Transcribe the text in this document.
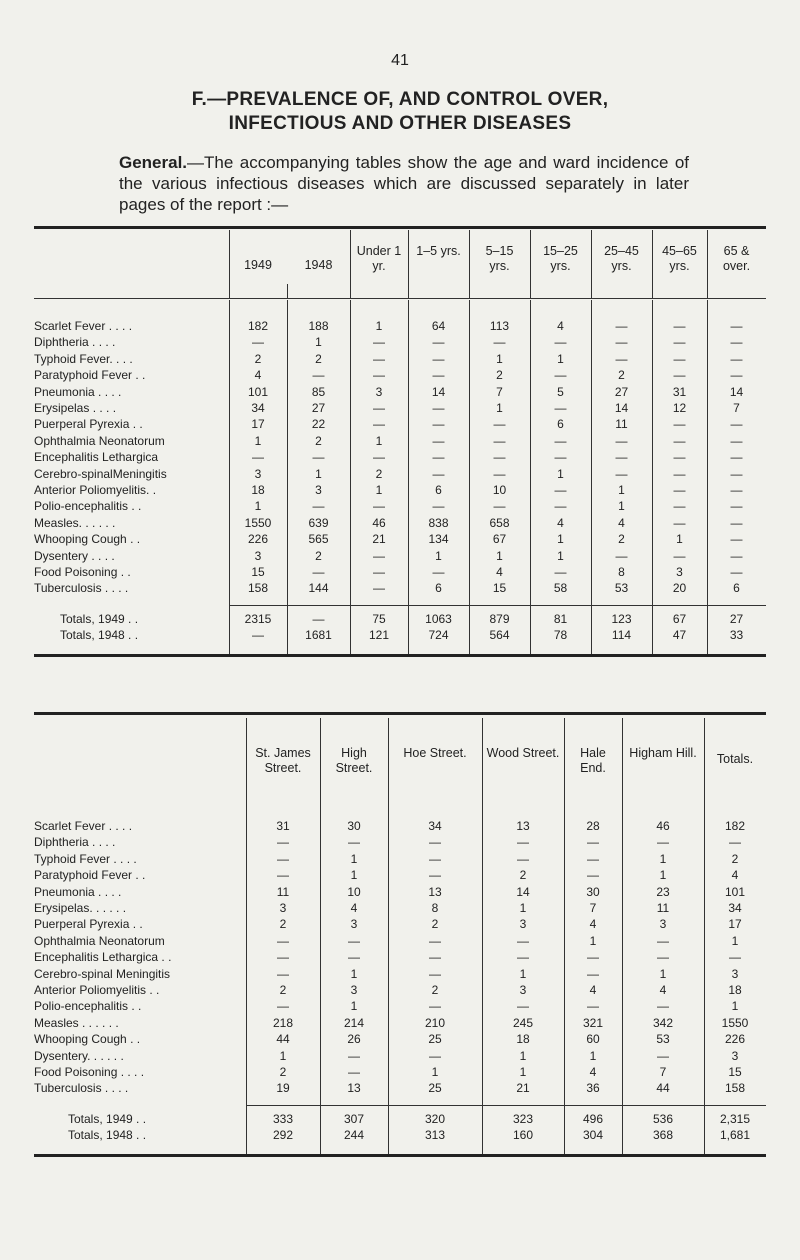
41
F.—PREVALENCE OF, AND CONTROL OVER,
INFECTIOUS AND OTHER DISEASES
General.—The accompanying tables show the age and ward incidence of the various infectious diseases which are discussed separately in later pages of the report :—
1949	1948
Under 1 yr.
1–5 yrs.	5–15 yrs.
15–25 yrs.
25–45 yrs.
45–65 yrs.
65 & over.
Scarlet Fever . . . .	182	188	1	64	113	4	—	—	—
Diphtheria . . . .	—	1	—	—	—	—	—	—	—
Typhoid Fever. . . .	2	2	—	—	1	1	—	—	—
Paratyphoid Fever . .	4	—	—	—	2	—	2	—	—
Pneumonia . . . .	101	85	3	14	7	5	27	31	14
Erysipelas . . . .	34	27	—	—	1	—	14	12	7
Puerperal Pyrexia . .	17	22	—	—	—	6	11	—	—
Ophthalmia Neonatorum	1	2	1	—	—	—	—	—	—
Encephalitis Lethargica	—	—	—	—	—	—	—	—	—
Cerebro-spinalMeningitis	3	1	2	—	—	1	—	—	—
Anterior Poliomyelitis. .	18	3	1	6	10	—	1	—	—
Polio-encephalitis . .	1	—	—	—	—	—	1	—	—
Measles. . . . . .	1550	639	46	838	658	4	4	—	—
Whooping Cough . .	226	565	21	134	67	1	2	1	—
Dysentery . . . .	3	2	—	1	1	1	—	—	—
Food Poisoning . .	15	—	—	—	4	—	8	3	—
Tuberculosis . . . .	158	144	—	6	15	58	53	20	6
Totals, 1949 . .	2315	—	75	1063	879	81	123	67	27
Totals, 1948 . .	—	1681	121	724	564	78	114	47	33
St. James Street.
High Street.
Hoe Street.	Wood Street.	Hale End.
Higham Hill.	Totals.
Scarlet Fever . . . .	31	30	34	13	28	46	182
Diphtheria . . . .	—	—	—	—	—	—	—
Typhoid Fever . . . .	—	1	—	—	—	1	2
Paratyphoid Fever . .	—	1	—	2	—	1	4
Pneumonia . . . .	11	10	13	14	30	23	101
Erysipelas. . . . . .	3	4	8	1	7	11	34
Puerperal Pyrexia . .	2	3	2	3	4	3	17
Ophthalmia Neonatorum	—	—	—	—	1	—	1
Encephalitis Lethargica . .	—	—	—	—	—	—	—
Cerebro-spinal Meningitis	—	1	—	1	—	1	3
Anterior Poliomyelitis . .	2	3	2	3	4	4	18
Polio-encephalitis . .	—	1	—	—	—	—	1
Measles . . . . . .	218	214	210	245	321	342	1550
Whooping Cough . .	44	26	25	18	60	53	226
Dysentery. . . . . .	1	—	—	1	1	—	3
Food Poisoning . . . .	2	—	1	1	4	7	15
Tuberculosis . . . .	19	13	25	21	36	44	158
Totals, 1949 . .	333	307	320	323	496	536	2,315
Totals, 1948 . .	292	244	313	160	304	368	1,681
